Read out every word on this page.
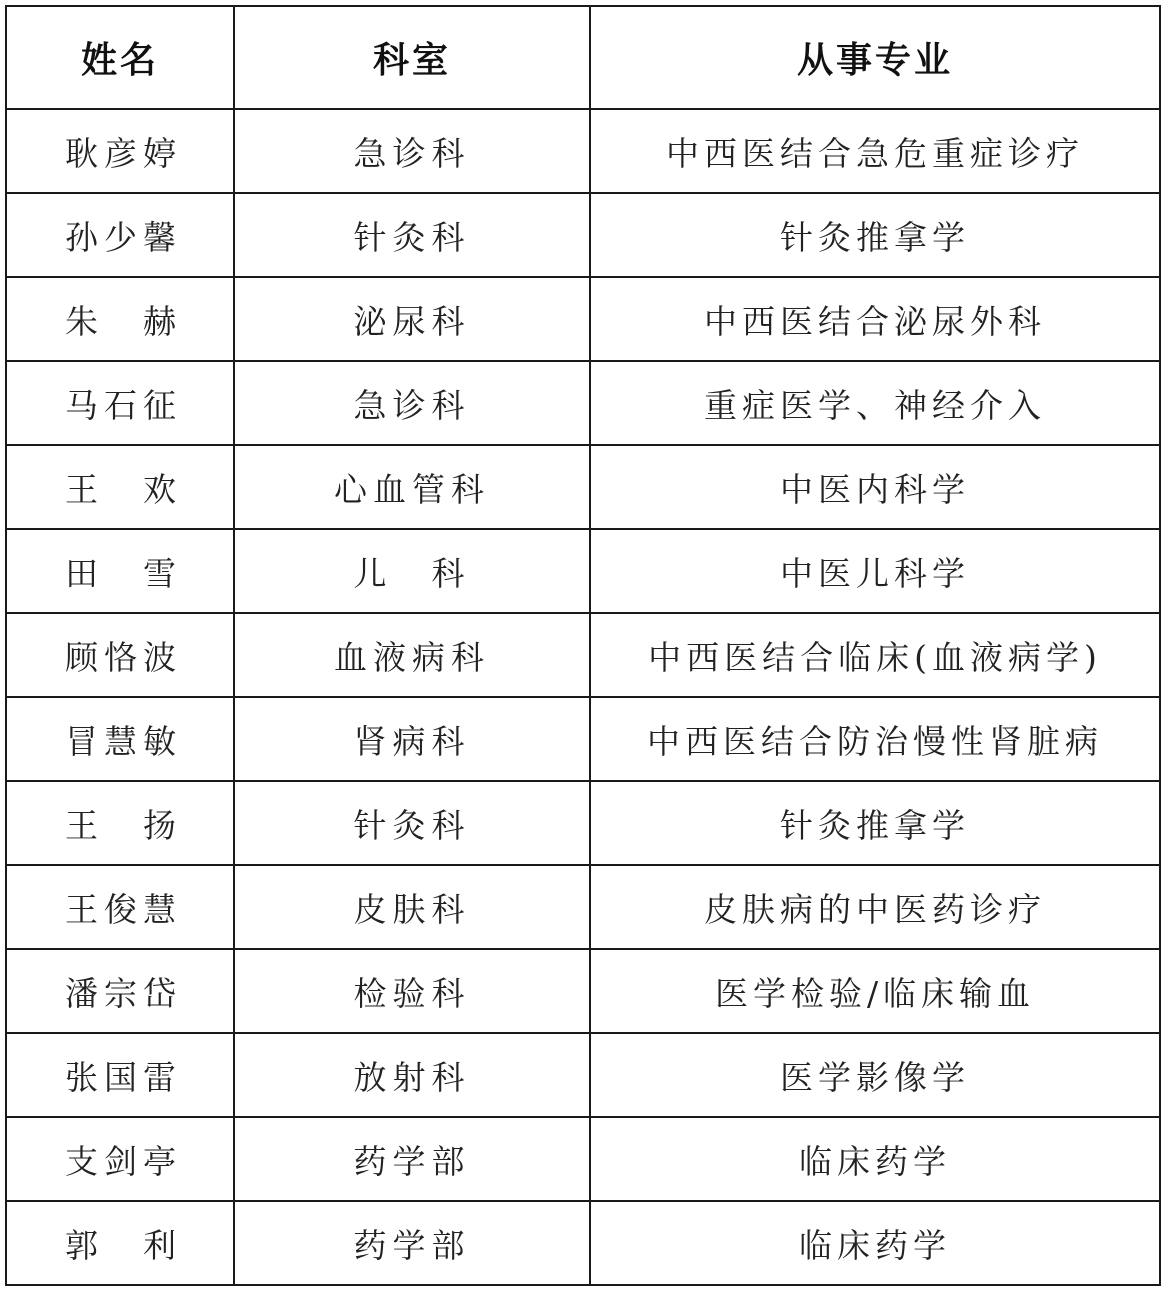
姓名	科室	从事专业
耿彦婷	急诊科	中西医结合急危重症诊疗
孙少馨	针灸科	针灸推拿学
朱　赫	泌尿科	中西医结合泌尿外科
马石征	急诊科	重症医学、神经介入
王　欢	心血管科	中医内科学
田　雪	儿　科	中医儿科学
顾恪波	血液病科	中西医结合临床(血液病学)
冒慧敏	肾病科	中西医结合防治慢性肾脏病
王　扬	针灸科	针灸推拿学
王俊慧	皮肤科	皮肤病的中医药诊疗
潘宗岱	检验科	医学检验/临床输血
张国雷	放射科	医学影像学
支剑亭	药学部	临床药学
郭　利	药学部	临床药学
